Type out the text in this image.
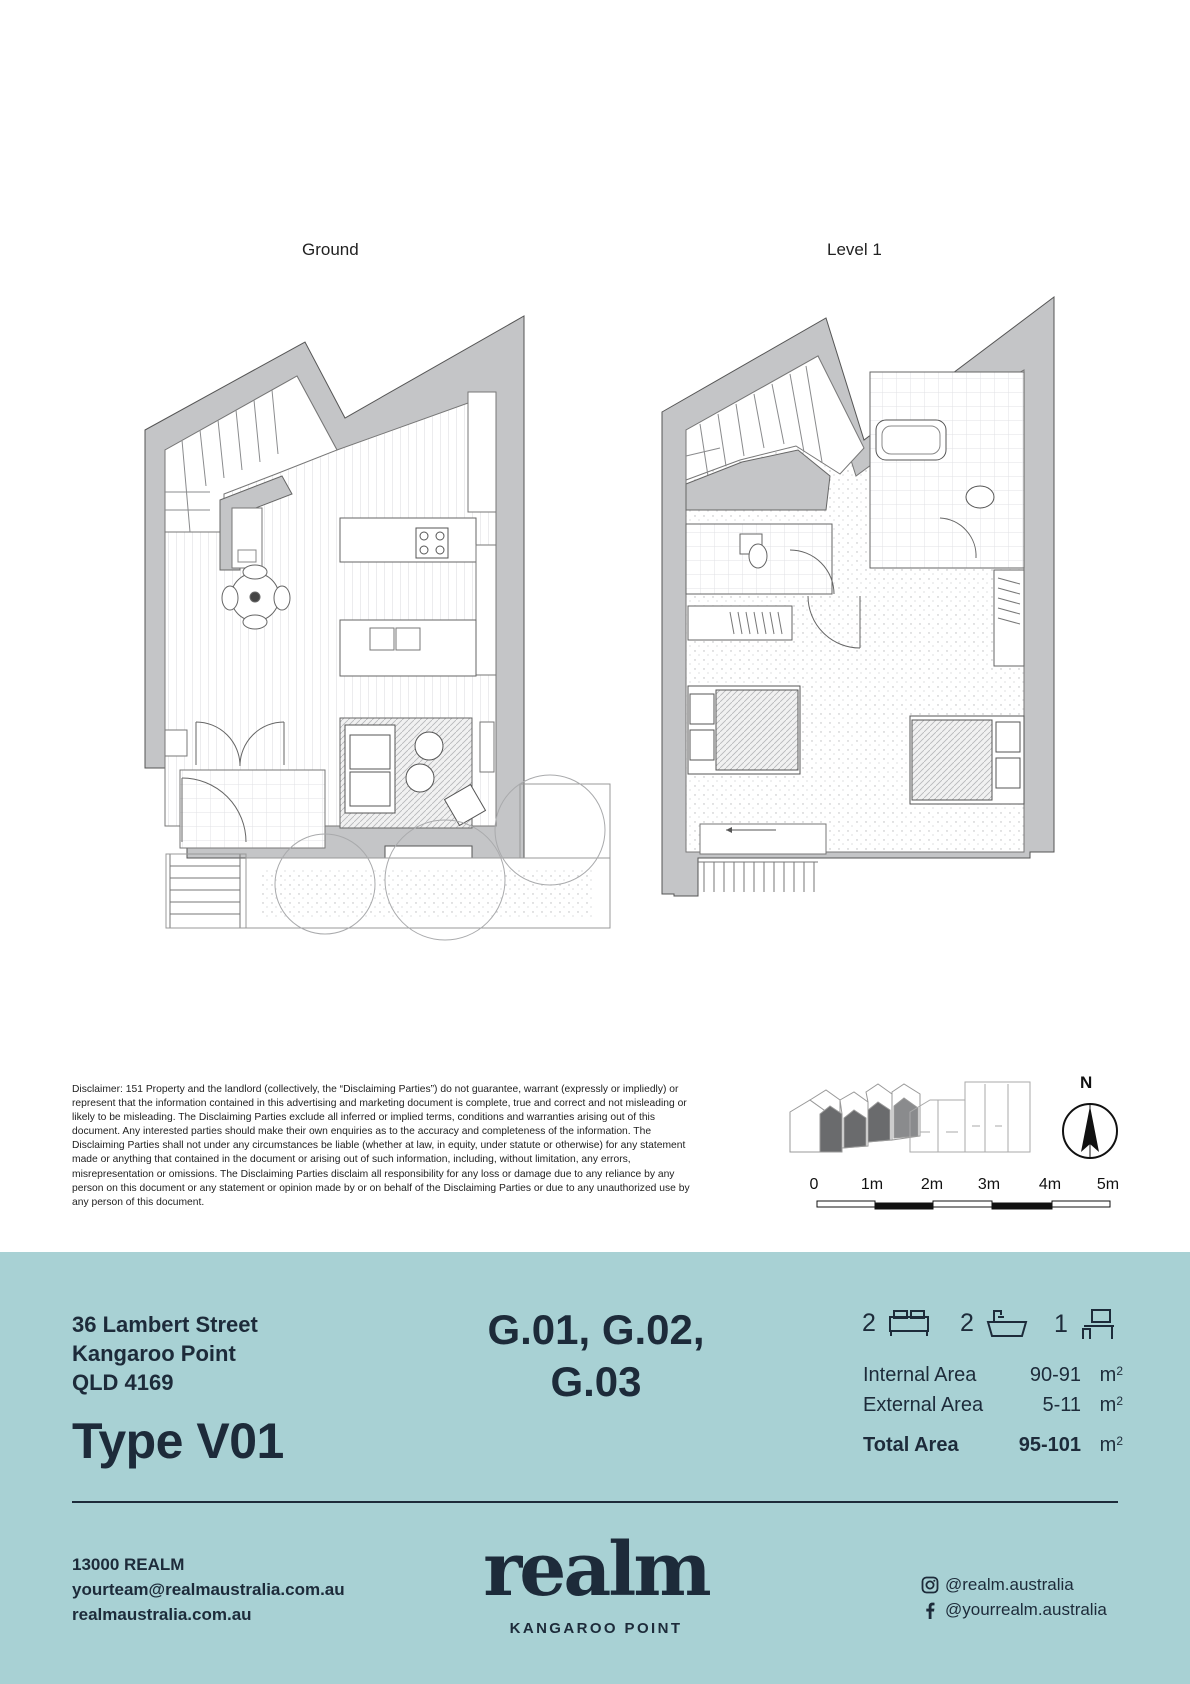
Ground	Level 1
Disclaimer: 151 Property and the landlord (collectively, the “Disclaiming Parties”) do not guarantee, warrant (expressly or impliedly) or represent that the information contained in this advertising and marketing document is complete, true and correct and not misleading or likely to be misleading. The Disclaiming Parties exclude all inferred or implied terms, conditions and warranties arising out of this document. Any interested parties should make their own enquiries as to the accuracy and completeness of the information. The Disclaiming Parties shall not under any circumstances be liable (whether at law, in equity, under statute or otherwise) for any statement made or anything that contained in the document or arising out of such information, including, without limitation, any errors, misrepresentation or omissions. The Disclaiming Parties disclaim all responsibility for any loss or damage due to any reliance by any person on this document or any statement or opinion made by or on behalf of the Disclaiming Parties or due to any unauthorized use by any person of this document.
N
0	1m 2m 3m 4m 5m
36 Lambert Street
Kangaroo Point
QLD 4169
Type V01
G.01, G.02,
G.03
2	2	1
Internal Area	90-91 $m^2$
External Area	5-11 $m^2$
Total Area	95-101 $m^2$
13000 REALM
yourteam@realmaustralia.com.au
realmaustralia.com.au
realm
KANGAROO POINT
@realm.australia
@yourrealm.australia
